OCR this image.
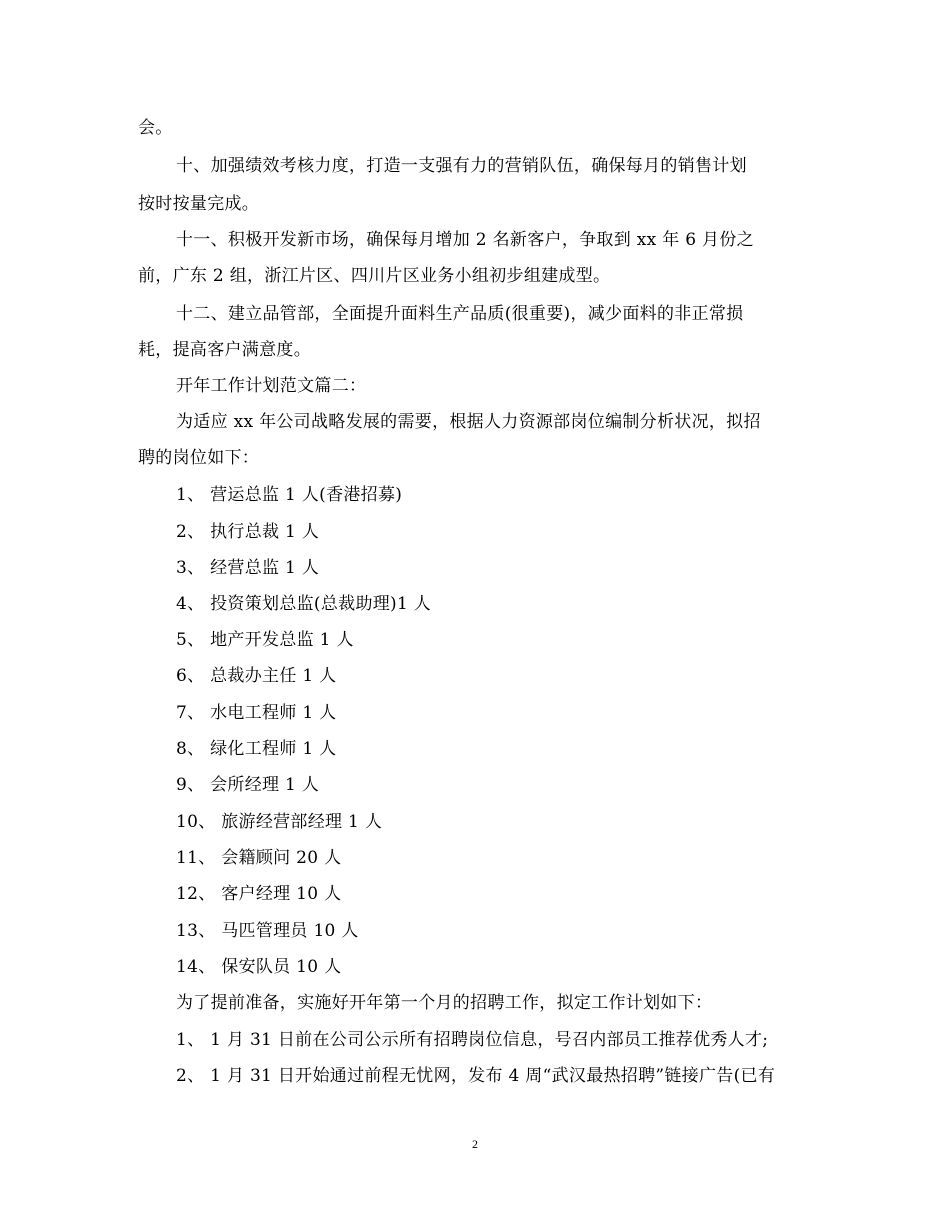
会。
十、加强绩效考核力度，打造一支强有力的营销队伍，确保每月的销售计划
按时按量完成。
十一、积极开发新市场，确保每月增加 2 名新客户，争取到 xx 年 6 月份之
前，广东 2 组，浙江片区、四川片区业务小组初步组建成型。
十二、建立品管部，全面提升面料生产品质(很重要)，减少面料的非正常损
耗，提高客户满意度。
开年工作计划范文篇二：
为适应 xx 年公司战略发展的需要，根据人力资源部岗位编制分析状况，拟招
聘的岗位如下：
1、 营运总监 1 人(香港招募)
2、 执行总裁 1 人
3、 经营总监 1 人
4、 投资策划总监(总裁助理)1 人
5、 地产开发总监 1 人
6、 总裁办主任 1 人
7、 水电工程师 1 人
8、 绿化工程师 1 人
9、 会所经理 1 人
10、 旅游经营部经理 1 人
11、 会籍顾问 20 人
12、 客户经理 10 人
13、 马匹管理员 10 人
14、 保安队员 10 人
为了提前准备，实施好开年第一个月的招聘工作，拟定工作计划如下：
1、 1 月 31 日前在公司公示所有招聘岗位信息，号召内部员工推荐优秀人才;
2、 1 月 31 日开始通过前程无忧网，发布 4 周“武汉最热招聘”链接广告(已有
2
